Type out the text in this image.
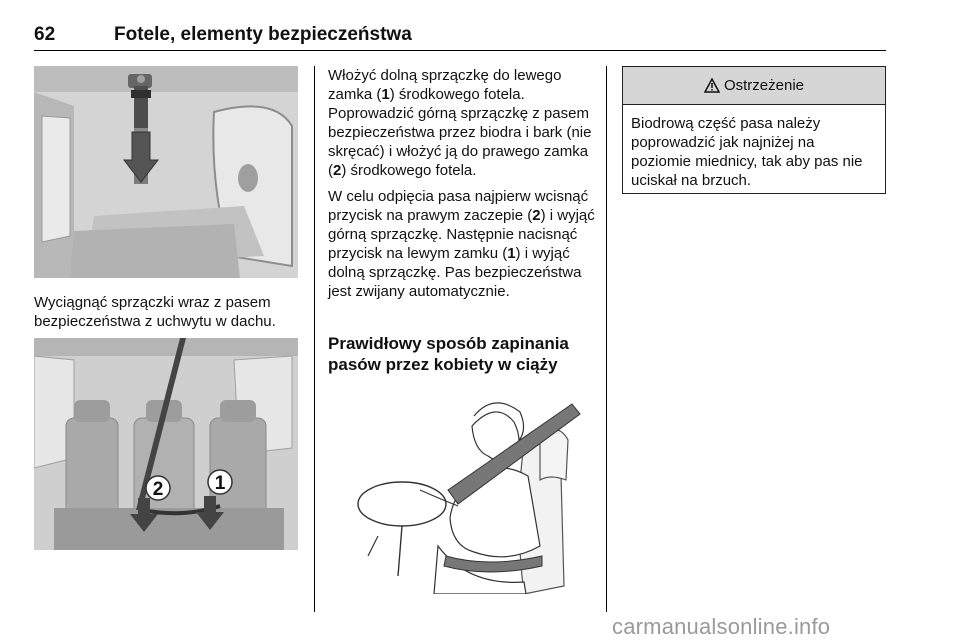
62	Fotele, elementy bezpieczeństwa
Wyciągnąć sprzączki wraz z pasem bezpieczeństwa z uchwytu w dachu.
2	1

Włożyć dolną sprzączkę do lewego zamka (1) środkowego fotela. Poprowadzić górną sprzączkę z pasem bezpieczeństwa przez biodra i bark (nie skręcać) i włożyć ją do prawego zamka (2) środkowego fotela.

W celu odpięcia pasa najpierw wcisnąć przycisk na prawym zaczepie (2) i wyjąć górną sprzączkę. Następnie nacisnąć przycisk na lewym zamku (1) i wyjąć dolną sprzączkę. Pas bezpieczeństwa jest zwijany automatycznie.

Prawidłowy sposób zapinania pasów przez kobiety w ciąży
Ostrzeżenie
Biodrową część pasa należy poprowadzić jak najniżej na poziomie miednicy, tak aby pas nie uciskał na brzuch.
carmanualsonline.info
